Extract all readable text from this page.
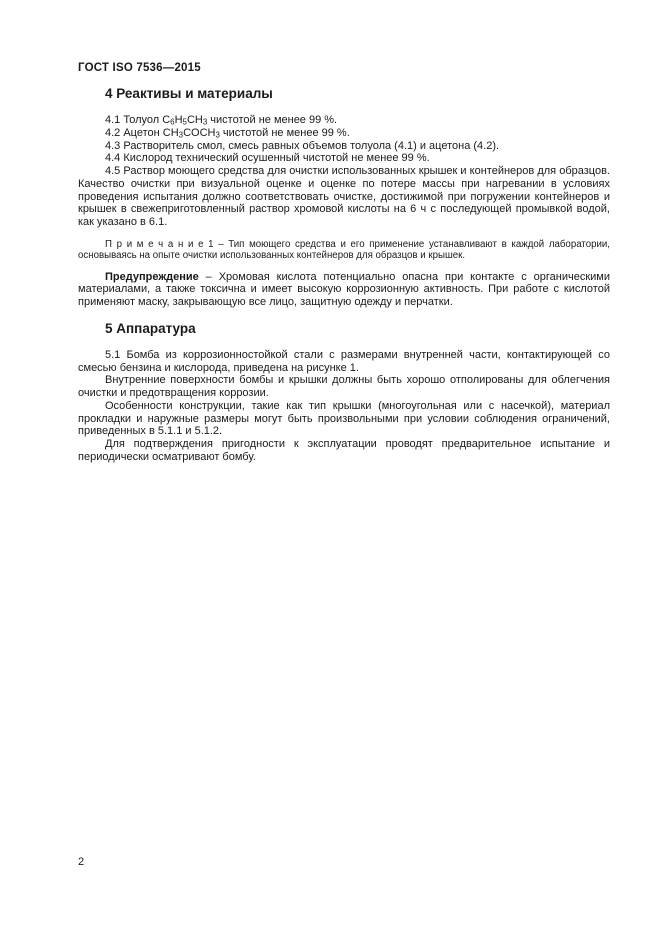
ГОСТ ISO 7536—2015
4 Реактивы и материалы

4.1 Толуол $C_6H_5CH_3$ чистотой не менее 99 %.

4.2 Ацетон $CH_3COCH_3$ чистотой не менее 99 %.

4.3 Растворитель смол, смесь равных объемов толуола (4.1) и ацетона (4.2).

4.4 Кислород технический осушенный чистотой не менее 99 %.

4.5 Раствор моющего средства для очистки использованных крышек и контейнеров для образцов. Качество очистки при визуальной оценке и оценке по потере массы при нагревании в условиях проведения испытания должно соответствовать очистке, достижимой при погружении контейнеров и крышек в свежеприготовленный раствор хромовой кислоты на 6 ч с последующей промывкой водой, как указано в 6.1.

П р и м е ч а н и е 1 – Тип моющего средства и его применение устанавливают в каждой лаборатории, основываясь на опыте очистки использованных контейнеров для образцов и крышек.

Предупреждение – Хромовая кислота потенциально опасна при контакте с органическими материалами, а также токсична и имеет высокую коррозионную активность. При работе с кислотой применяют маску, закрывающую все лицо, защитную одежду и перчатки.

5 Аппаратура

5.1 Бомба из коррозионностойкой стали с размерами внутренней части, контактирующей со смесью бензина и кислорода, приведена на рисунке 1.

Внутренние поверхности бомбы и крышки должны быть хорошо отполированы для облегчения очистки и предотвращения коррозии.

Особенности конструкции, такие как тип крышки (многоугольная или с насечкой), материал прокладки и наружные размеры могут быть произвольными при условии соблюдения ограничений, приведенных в 5.1.1 и 5.1.2.

Для подтверждения пригодности к эксплуатации проводят предварительное испытание и периодически осматривают бомбу.

2
